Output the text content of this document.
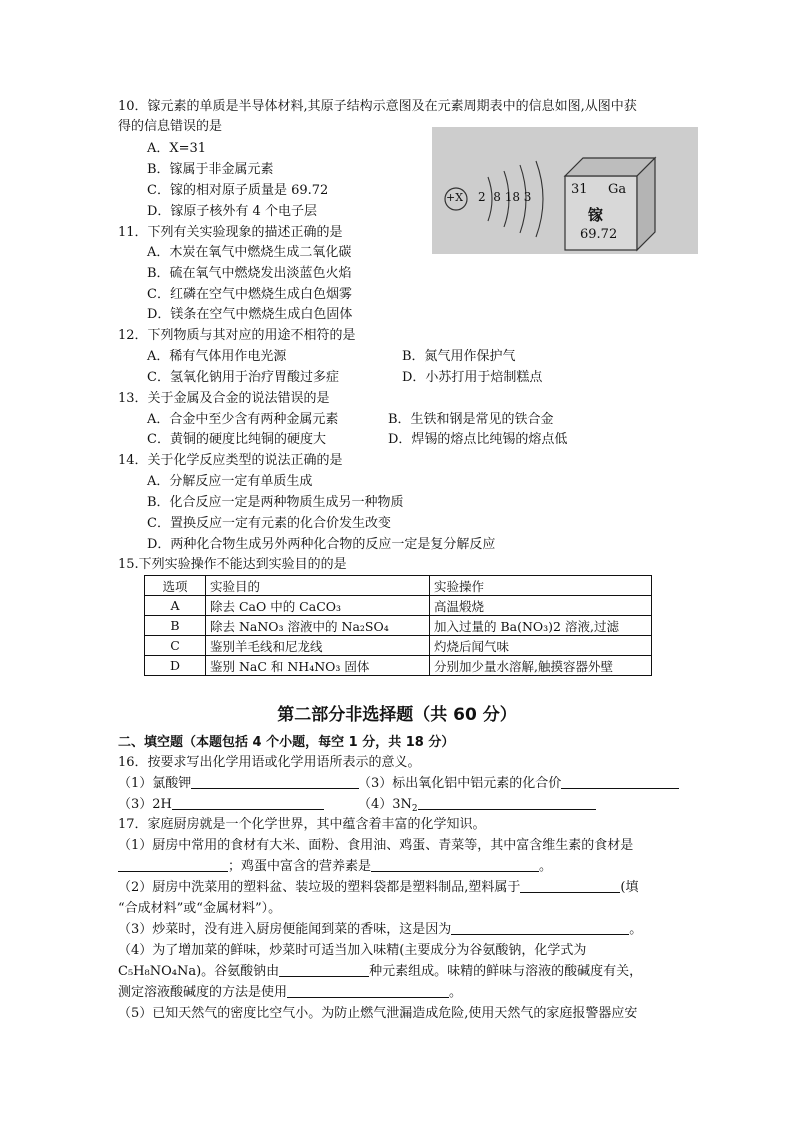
10．镓元素的单质是半导体材料,其原子结构示意图及在元素周期表中的信息如图,从图中获
得的信息错误的是
A．X=31
B．镓属于非金属元素
C．镓的相对原子质量是 69.72
D．镓原子核外有 4 个电子层
+X 2  8 18 3	31 Ga
镓
69.72
11．下列有关实验现象的描述正确的是
A．木炭在氧气中燃烧生成二氧化碳
B．硫在氧气中燃烧发出淡蓝色火焰
C．红磷在空气中燃烧生成白色烟雾
D．镁条在空气中燃烧生成白色固体
12．下列物质与其对应的用途不相符的是
A．稀有气体用作电光源	B．氮气用作保护气
C．氢氧化钠用于治疗胃酸过多症	D．小苏打用于焙制糕点
13．关于金属及合金的说法错误的是
A．合金中至少含有两种金属元素	B．生铁和钢是常见的铁合金
C．黄铜的硬度比纯铜的硬度大	D．焊锡的熔点比纯锡的熔点低
14．关于化学反应类型的说法正确的是
A．分解反应一定有单质生成
B．化合反应一定是两种物质生成另一种物质
C．置换反应一定有元素的化合价发生改变
D．两种化合物生成另外两种化合物的反应一定是复分解反应
15.下列实验操作不能达到实验目的的是
选项	实验目的	实验操作
A	除去 CaO 中的 CaCO₃	高温煅烧
B	除去 NaNO₃ 溶液中的 Na₂SO₄	加入过量的 Ba(NO₃)2 溶液,过滤
C	鉴别羊毛线和尼龙线	灼烧后闻气味
D	鉴别 NaC 和 NH₄NO₃ 固体	分别加少量水溶解,触摸容器外壁
第二部分非选择题（共 60 分）
二、填空题（本题包括 4 个小题，每空 1 分，共 18 分）
16．按要求写出化学用语或化学用语所表示的意义。
（1）氯酸钾	（3）标出氧化铝中铝元素的化合价
（3）2H	$(4)3N_2$
17．家庭厨房就是一个化学世界，其中蕴含着丰富的化学知识。
（1）厨房中常用的食材有大米、面粉、食用油、鸡蛋、青菜等，其中富含维生素的食材是
；鸡蛋中富含的营养素是	。
（2）厨房中洗菜用的塑料盆、装垃圾的塑料袋都是塑料制品,塑料属于	(填
“合成材料”或“金属材料”）。
（3）炒菜时，没有进入厨房便能闻到菜的香味，这是因为	。
（4）为了增加菜的鲜味，炒菜时可适当加入味精(主要成分为谷氨酸钠，化学式为
C₅H₈NO₄Na)。谷氨酸钠由	种元素组成。味精的鲜味与溶液的酸碱度有关，
测定溶液酸碱度的方法是使用	。
（5）已知天然气的密度比空气小。为防止燃气泄漏造成危险,使用天然气的家庭报警器应安
